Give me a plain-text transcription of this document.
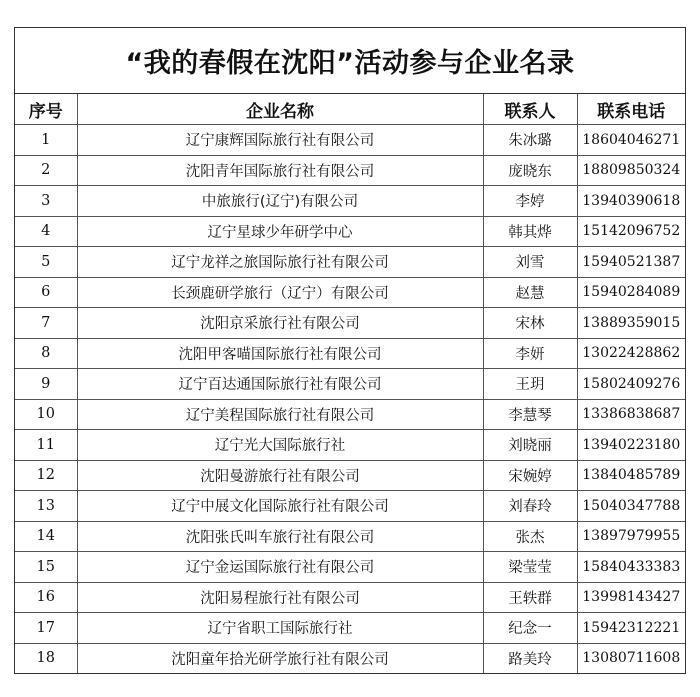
“我的春假在沈阳”活动参与企业名录
序号	企业名称	联系人	联系电话
1	辽宁康辉国际旅行社有限公司	朱冰璐	18604046271
2	沈阳青年国际旅行社有限公司	庞晓东	18809850324
3	中旅旅行(辽宁)有限公司	李婷	13940390618
4	辽宁星球少年研学中心	韩其烨	15142096752
5	辽宁龙祥之旅国际旅行社有限公司	刘雪	15940521387
6	长颈鹿研学旅行（辽宁）有限公司	赵慧	15940284089
7	沈阳京采旅行社有限公司	宋林	13889359015
8	沈阳甲客喵国际旅行社有限公司	李妍	13022428862
9	辽宁百达通国际旅行社有限公司	王玥	15802409276
10	辽宁美程国际旅行社有限公司	李慧琴	13386838687
11	辽宁光大国际旅行社	刘晓丽	13940223180
12	沈阳曼游旅行社有限公司	宋婉婷	13840485789
13	辽宁中展文化国际旅行社有限公司	刘春玲	15040347788
14	沈阳张氏叫车旅行社有限公司	张杰	13897979955
15	辽宁金运国际旅行社有限公司	梁莹莹	15840433383
16	沈阳易程旅行社有限公司	王轶群	13998143427
17	辽宁省职工国际旅行社	纪念一	15942312221
18	沈阳童年拾光研学旅行社有限公司	路美玲	13080711608
